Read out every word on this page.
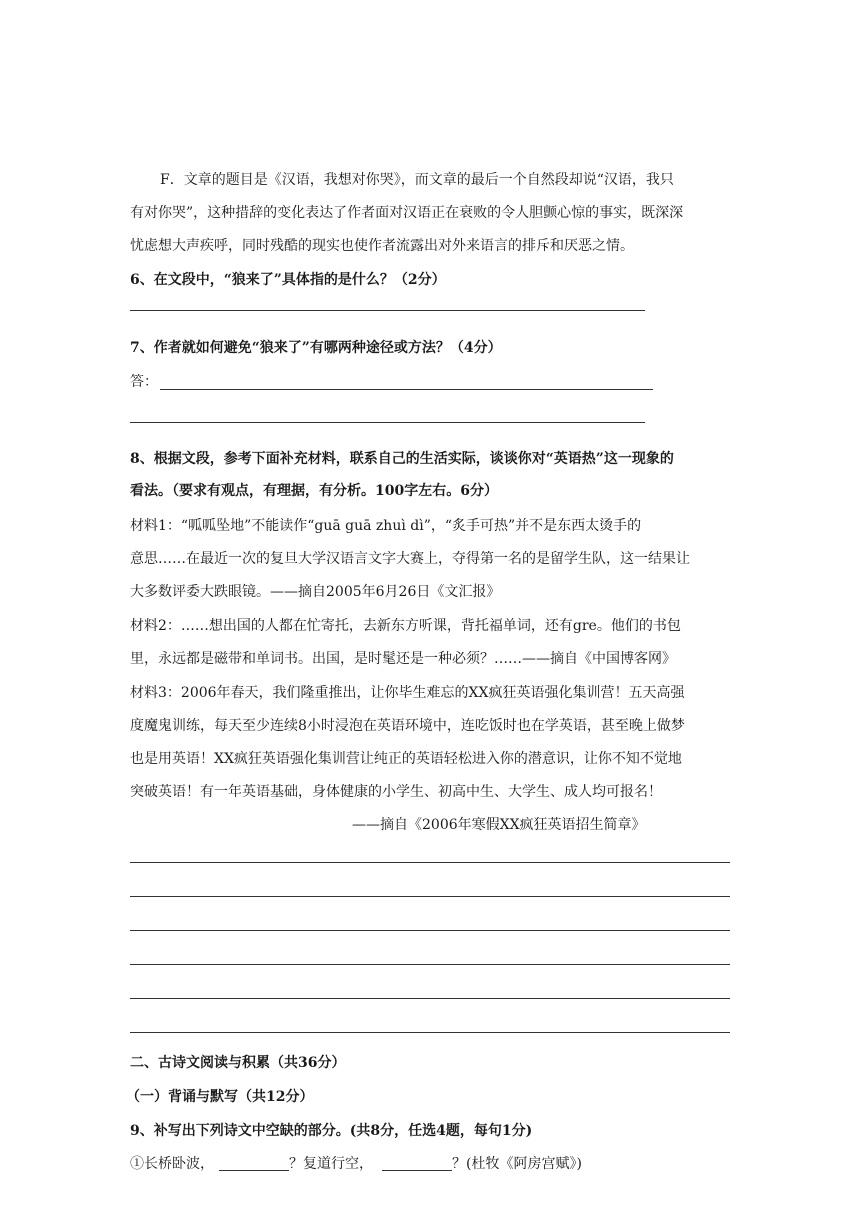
F．文章的题目是《汉语，我想对你哭》，而文章的最后一个自然段却说“汉语，我只
有对你哭”，这种措辞的变化表达了作者面对汉语正在衰败的令人胆颤心惊的事实，既深深
忧虑想大声疾呼，同时残酷的现实也使作者流露出对外来语言的排斥和厌恶之情。
6、在文段中，“狼来了”具体指的是什么？（2分）
7、作者就如何避免“狼来了”有哪两种途径或方法？（4分）
答：
8、根据文段，参考下面补充材料，联系自己的生活实际，谈谈你对“英语热”这一现象的
看法。（要求有观点，有理据，有分析。100字左右。6分）
材料1：“呱呱坠地”不能读作“guā guā zhuì dì”，“炙手可热”并不是东西太烫手的
意思……在最近一次的复旦大学汉语言文字大赛上，夺得第一名的是留学生队，这一结果让
大多数评委大跌眼镜。——摘自2005年6月26日《文汇报》
材料2：……想出国的人都在忙寄托，去新东方听课，背托福单词，还有gre。他们的书包
里，永远都是磁带和单词书。出国，是时髦还是一种必须？……——摘自《中国博客网》
材料3：2006年春天，我们隆重推出，让你毕生难忘的XX疯狂英语强化集训营！五天高强
度魔鬼训练，每天至少连续8小时浸泡在英语环境中，连吃饭时也在学英语，甚至晚上做梦
也是用英语！XX疯狂英语强化集训营让纯正的英语轻松进入你的潜意识，让你不知不觉地
突破英语！有一年英语基础，身体健康的小学生、初高中生、大学生、成人均可报名！
——摘自《2006年寒假XX疯狂英语招生简章》
二、古诗文阅读与积累（共36分）
（一）背诵与默写（共12分）
9、补写出下列诗文中空缺的部分。(共8分，任选4题，每句1分)
①长桥卧波，	？复道行空，	？(杜牧《阿房宫赋》)
